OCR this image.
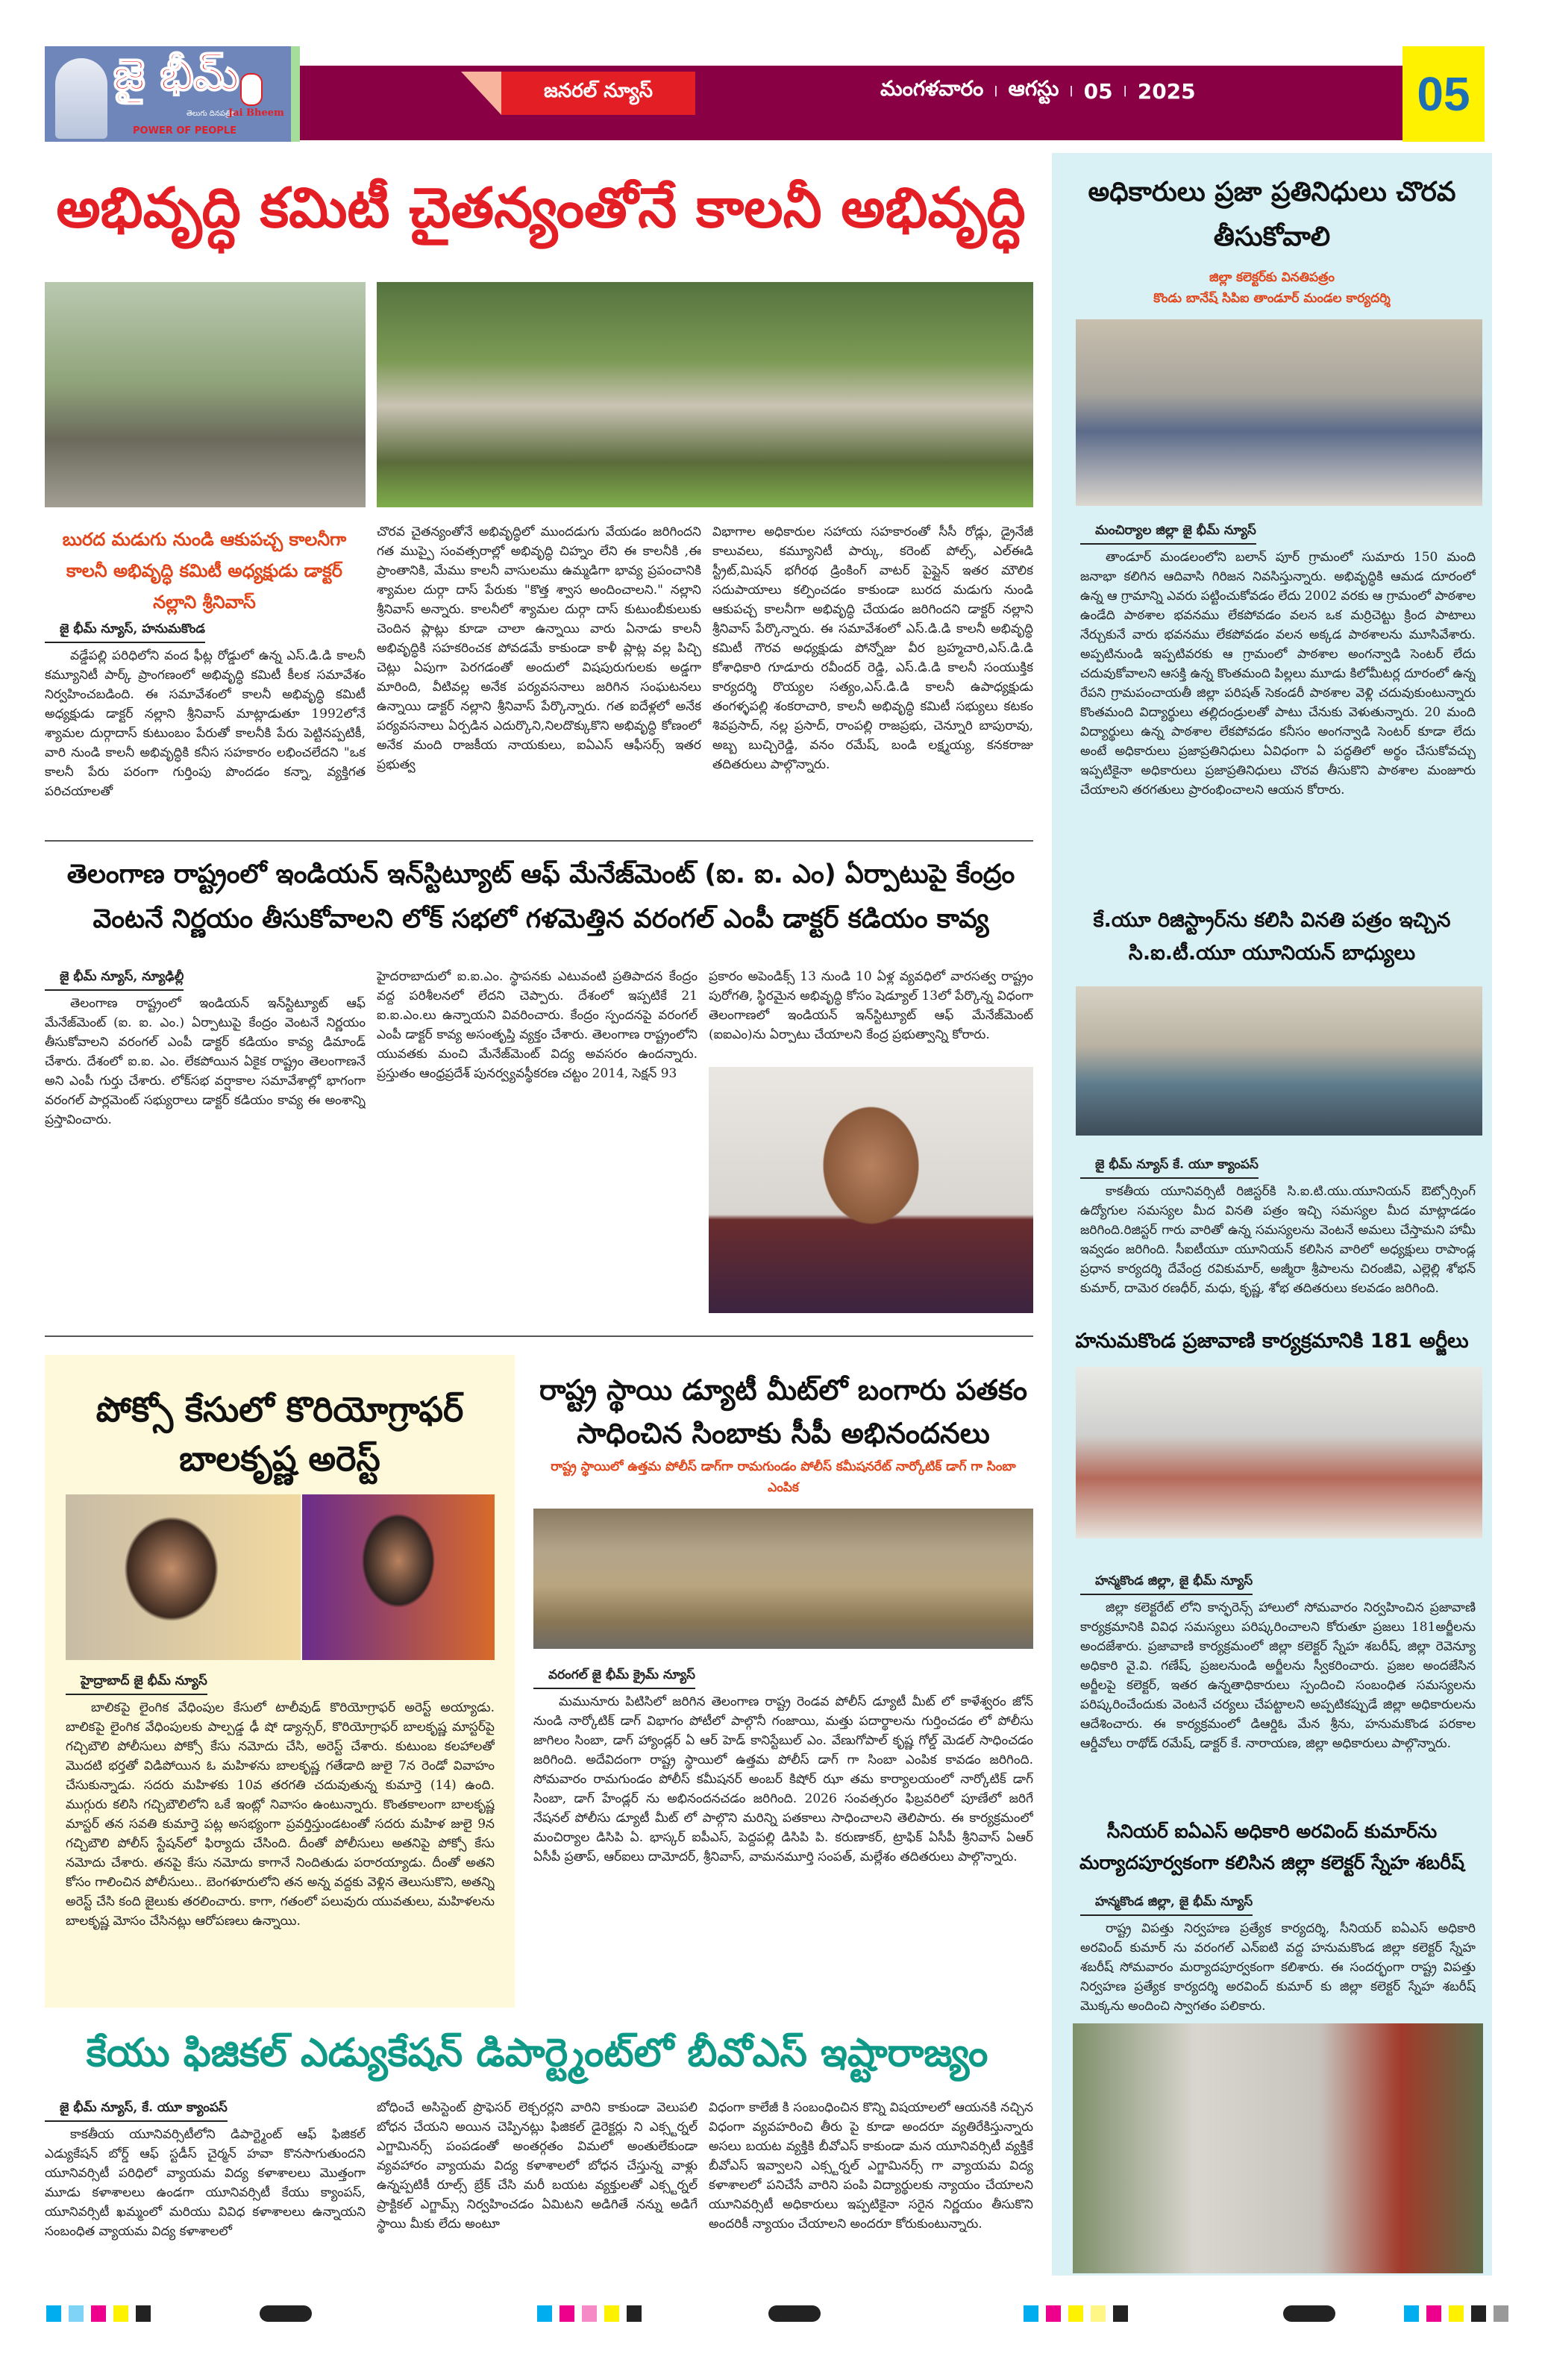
జై భీమ్
తెలుగు దినపత్రిక
POWER OF PEOPLE
Jai Bheem
జనరల్ న్యూస్	మంగళవారం | ఆగస్టు | 05 | 2025	05
అభివృద్ధి కమిటీ చైతన్యంతోనే కాలనీ అభివృద్ధి
బురద మడుగు నుండి ఆకుపచ్చ కాలనీగా కాలనీ అభివృద్ధి కమిటీ అధ్యక్షుడు డాక్టర్ నల్లాని శ్రీనివాస్
జై భీమ్ న్యూస్, హనుమకొండ

వడ్డేపల్లి పరిధిలోని వంద ఫీట్ల రోడ్డులో ఉన్న ఎస్.డి.డి కాలనీ కమ్యూనిటీ పార్క్ ప్రాంగణంలో అభివృద్ధి కమిటీ కీలక సమావేశం నిర్వహించబడింది. ఈ సమావేశంలో కాలనీ అభివృద్ధి కమిటీ అధ్యక్షుడు డాక్టర్ నల్లాని శ్రీనివాస్ మాట్లాడుతూ 1992లోనే శ్యామల దుర్గాదాస్ కుటుంబం పేరుతో కాలనీకి పేరు పెట్టినప్పటికీ, వారి నుండి కాలనీ అభివృద్ధికి కనీస సహకారం లభించలేదని "ఒక కాలనీ పేరు పరంగా గుర్తింపు పొందడం కన్నా, వ్యక్తిగత పరిచయాలతో

చొరవ చైతన్యంతోనే అభివృద్ధిలో ముందడుగు వేయడం జరిగిందని గత ముప్పై సంవత్సరాల్లో అభివృద్ధి చిహ్నం లేని ఈ కాలనీకి ,ఈ ప్రాంతానికి, మేము కాలనీ వాసులము ఉమ్మడిగా భావ్య ప్రపంచానికి శ్యామల దుర్గా దాస్ పేరుకు "కొత్త శ్వాస అందించాలని." నల్లాని శ్రీనివాస్ అన్నారు. కాలనీలో శ్యామల దుర్గా దాస్ కుటుంబీకులుకు చెందిన ప్లాట్లు కూడా చాలా ఉన్నాయి వారు ఏనాడు కాలనీ అభివృద్ధికి సహకరించక పోవడమే కాకుండా కాళీ ప్లాట్ల వల్ల పిచ్చి చెట్లు ఏపుగా పెరగడంతో అందులో విషపురుగులకు అడ్డగా మారింది, వీటివల్ల అనేక పర్యవసనాలు జరిగిన సంఘటనలు ఉన్నాయి డాక్టర్ నల్లాని శ్రీనివాస్ పేర్కొన్నారు. గత ఐదేళ్లలో అనేక పర్యవసనాలు ఏర్పడిన ఎదుర్కొని,నిలదొక్కుకొని అభివృద్ధి కోణంలో అనేక మంది రాజకీయ నాయకులు, ఐఏఎస్ ఆఫీసర్స్ ఇతర ప్రభుత్వ

విభాగాల అధికారుల సహాయ సహకారంతో సీసీ రోడ్లు, డ్రైనేజీ కాలువలు, కమ్యూనిటీ పార్కు, కరెంట్ పోల్స్, ఎల్ఈడి స్ట్రీట్,మిషన్ భగీరథ డ్రింకింగ్ వాటర్ పైప్లైన్ ఇతర మౌలిక సదుపాయాలు కల్పించడం కాకుండా బురద మడుగు నుండి ఆకుపచ్చ కాలనీగా అభివృద్ధి చేయడం జరిగిందని డాక్టర్ నల్లాని శ్రీనివాస్ పేర్కొన్నారు. ఈ సమావేశంలో ఎస్.డి.డి కాలనీ అభివృద్ధి కమిటీ గౌరవ అధ్యక్షుడు పోన్నోజు వీర బ్రహ్మచారి,ఎస్.డి.డి కోశాధికారి గూడూరు రవీందర్ రెడ్డి, ఎస్.డి.డి కాలనీ సంయుక్తిక కార్యదర్శి రొయ్యల సత్యం,ఎస్.డి.డి కాలనీ ఉపాధ్యక్షుడు తంగళ్ళపల్లి శంకరాచారి, కాలనీ అభివృద్ధి కమిటీ సభ్యులు కటకం శివప్రసాద్, నల్ల ప్రసాద్, రాంపల్లి రాజప్రభు, చెన్నూరి బాపురావు, అబ్బ బుచ్చిరెడ్డి, వనం రమేష్, బండి లక్ష్మయ్య, కనకరాజు తదితరులు పాల్గొన్నారు.

తెలంగాణ రాష్ట్రంలో ఇండియన్ ఇన్‌స్టిట్యూట్ ఆఫ్ మేనేజ్‌మెంట్ (ఐ. ఐ. ఎం) ఏర్పాటుపై కేంద్రం
వెంటనే నిర్ణయం తీసుకోవాలని లోక్ సభలో గళమెత్తిన వరంగల్ ఎంపీ డాక్టర్ కడియం కావ్య
జై భీమ్ న్యూస్, న్యూఢిల్లీ

తెలంగాణ రాష్ట్రంలో ఇండియన్ ఇన్‌స్టిట్యూట్ ఆఫ్ మేనేజ్‌మెంట్ (ఐ. ఐ. ఎం.) ఏర్పాటుపై కేంద్రం వెంటనే నిర్ణయం తీసుకోవాలని వరంగల్ ఎంపీ డాక్టర్ కడియం కావ్య డిమాండ్ చేశారు. దేశంలో ఐ.ఐ. ఎం. లేకపోయిన ఏకైక రాష్ట్రం తెలంగాణనే అని ఎంపీ గుర్తు చేశారు. లోక్‌సభ వర్షాకాల సమావేశాల్లో భాగంగా వరంగల్ పార్లమెంట్ సభ్యురాలు డాక్టర్ కడియం కావ్య ఈ అంశాన్ని ప్రస్తావించారు.

హైదరాబాదులో ఐ.ఐ.ఎం. స్థాపనకు ఎటువంటి ప్రతిపాదన కేంద్రం వద్ద పరిశీలనలో లేదని చెప్పారు. దేశంలో ఇప్పటికే 21 ఐ.ఐ.ఎం.లు ఉన్నాయని వివరించారు. కేంద్రం స్పందనపై వరంగల్ ఎంపీ డాక్టర్ కావ్య అసంతృప్తి వ్యక్తం చేశారు. తెలంగాణ రాష్ట్రంలోని యువతకు మంచి మేనేజ్‌మెంట్ విద్య అవసరం ఉందన్నారు. ప్రస్తుతం ఆంధ్రప్రదేశ్ పునర్వ్యవస్థీకరణ చట్టం 2014, సెక్షన్ 93

ప్రకారం అపెండిక్స్ 13 నుండి 10 ఏళ్ల వ్యవధిలో వారసత్వ రాష్ట్రం పురోగతి, స్థిరమైన అభివృద్ధి కోసం షెడ్యూల్ 13లో పేర్కొన్న విధంగా తెలంగాణలో ఇండియన్ ఇన్‌స్టిట్యూట్ ఆఫ్ మేనేజ్‌మెంట్ (ఐఐఎం)ను ఏర్పాటు చేయాలని కేంద్ర ప్రభుత్వాన్ని కోరారు.

పోక్సో కేసులో కొరియోగ్రాఫర్ బాలకృష్ణ అరెస్ట్
హైద్రాబాద్ జై భీమ్ న్యూస్

బాలికపై లైంగిక వేధింపుల కేసులో టాలీవుడ్ కొరియోగ్రాఫర్ అరెస్ట్ అయ్యాడు. బాలికపై లైంగిక వేధింపులకు పాల్పడ్డ ఢీ షో డ్యాన్సర్, కొరియోగ్రాఫర్ బాలకృష్ణ మాస్టర్‌పై గచ్చిబౌలి పోలీసులు పోక్సో కేసు నమోదు చేసి, అరెస్ట్ చేశారు. కుటుంబ కలహాలతో మొదటి భర్తతో విడిపోయిన ఓ మహిళను బాలకృష్ణ గతేడాది జులై 7న రెండో వివాహం చేసుకున్నాడు. సదరు మహిళకు 10వ తరగతి చదువుతున్న కుమార్తె (14) ఉంది. ముగ్గురు కలిసి గచ్చిబౌలిలోని ఒకే ఇంట్లో నివాసం ఉంటున్నారు. కొంతకాలంగా బాలకృష్ణ మాస్టర్ తన సవతి కుమార్తె పట్ల అసభ్యంగా ప్రవర్తిస్తుండటంతో సదరు మహిళ జులై 9న గచ్చిబౌలి పోలీస్ స్టేషన్‌లో ఫిర్యాదు చేసింది. దీంతో పోలీసులు అతనిపై పోక్సో కేసు నమోదు చేశారు. తనపై కేసు నమోదు కాగానే నిందితుడు పరారయ్యాడు. దీంతో అతని కోసం గాలించిన పోలీసులు.. బెంగళూరులోని తన అన్న వద్దకు వెళ్లిన తెలుసుకొని, అతన్ని అరెస్ట్ చేసి కంది జైలుకు తరలించారు. కాగా, గతంలో పలువురు యువతులు, మహిళలను బాలకృష్ణ మోసం చేసినట్లు ఆరోపణలు ఉన్నాయి.

రాష్ట్ర స్థాయి డ్యూటీ మీట్‌లో బంగారు పతకం సాధించిన సింబాకు సీపీ అభినందనలు
రాష్ట్ర స్థాయిలో ఉత్తమ పోలీస్ డాగ్‌గా రామగుండం పోలీస్ కమీషనరేట్ నార్కోటిక్ డాగ్ గా సింబా ఎంపిక
వరంగల్ జై భీమ్ క్రైమ్ న్యూస్

మమునూరు పిటిసిలో జరిగిన తెలంగాణ రాష్ట్ర రెండవ పోలీస్ డ్యూటీ మీట్ లో కాళేశ్వరం జోన్ నుండి నార్కోటిక్ డాగ్ విభాగం పోటీలో పాల్గొనీ గంజాయి, మత్తు పదార్థాలను గుర్తించడం లో పోలీసు జాగిలం సింబా, డాగ్ హ్యాండ్లర్ ఏ ఆర్ హెడ్ కానిస్టేబుల్ ఎం. వేణుగోపాల్ కృష్ణ గోల్డ్ మెడల్ సాధించడం జరిగింది. అదేవిదంగా రాష్ట్ర స్థాయిలో ఉత్తమ పోలీస్ డాగ్ గా సింబా ఎంపిక కావడం జరిగింది. సోమవారం రామగుండం పోలీస్ కమీషనర్ అంబర్ కిషోర్ ఝా తమ కార్యాలయంలో నార్కోటిక్ డాగ్ సింబా, డాగ్ హేండ్లర్ ను అభినందనచడం జరిగింది. 2026 సంవత్సరం ఫిబ్రవరిలో పూణేలో జరిగే నేషనల్ పోలీసు డ్యూటీ మీట్ లో పాల్గొని మరిన్ని పతకాలు సాధించాలని తెలిపారు. ఈ కార్యక్రమంలో మంచిర్యాల డిసిపి ఏ. భాస్కర్ ఐపీఎస్, పెద్దపల్లి డిసిపి పి. కరుణాకర్, ట్రాఫిక్ ఏసీపీ శ్రీనివాస్ ఏఆర్ ఏసీపీ ప్రతాప్, ఆర్ఐలు దామోదర్, శ్రీనివాస్, వామనమూర్తి సంపత్, మల్లేశం తదితరులు పాల్గొన్నారు.

కేయు ఫిజికల్ ఎడ్యుకేషన్ డిపార్ట్మెంట్‌లో బీవోఎస్ ఇష్టారాజ్యం
జై భీమ్ న్యూస్, కే. యూ క్యాంపస్

కాకతీయ యూనివర్సిటీలోని డిపార్ట్మెంట్ ఆఫ్ ఫిజికల్ ఎడ్యుకేషన్ బోర్డ్ ఆఫ్ స్టడీస్ చైర్మన్ హవా కొనసాగుతుందని యూనివర్సిటీ పరిధిలో వ్యాయమ విద్య కళాశాలలు మొత్తంగా మూడు కళాశాలలు ఉండగా యూనివర్సిటీ కేయు క్యాంపస్, యూనివర్సిటీ ఖమ్మంలో మరియు వివిధ కళాశాలలు ఉన్నాయని సంబంధిత వ్యాయమ విద్య కళాశాలలో

బోధించే అసిస్టెంట్ ప్రొఫెసర్ లెక్చరర్లని వారిని కాకుండా వెలుపలి బోధన చేయని అయిన చెప్పినట్లు ఫిజికల్ డైరెక్టర్లు ని ఎక్స్టర్నల్ ఎగ్జామినర్స్ పంపడంతో అంతర్గతం విమలో అంతులేకుండా వ్యవహారం వ్యాయమ విద్య కళాశాలలో బోధన చేస్తున్న వాళ్లు ఉన్నప్పటికీ రూల్స్ బ్రేక్ చేసి మరీ బయట వ్యక్తులతో ఎక్స్టర్నల్ ప్రాక్టికల్ ఎగ్జామ్స్ నిర్వహించడం ఏమిటని అడిగితే నన్ను అడిగే స్థాయి మీకు లేదు అంటూ

విధంగా కాలేజీ కి సంబంధించిన కొన్ని విషయాలలో ఆయనకి నచ్చిన విధంగా వ్యవహరించి తీరు పై కూడా అందరూ వ్యతిరేకిస్తున్నారు అసలు బయట వ్యక్తికి బీవోఎస్ కాకుండా మన యూనివర్సిటీ వ్యక్తికే బీవోఎస్ ఇవ్వాలని ఎక్స్టర్నల్ ఎగ్జామినర్స్ గా వ్యాయమ విద్య కళాశాలలో పనిచేసే వారిని పంపి విద్యార్థులకు న్యాయం చేయాలని యూనివర్సిటీ అధికారులు ఇప్పటికైనా సరైన నిర్ణయం తీసుకొని అందరికీ న్యాయం చేయాలని అందరూ కోరుకుంటున్నారు.

అధికారులు ప్రజా ప్రతినిధులు చొరవ తీసుకోవాలి
జిల్లా కలెక్టర్‌కు వినతిపత్రం
కొండు బానేష్ సిపిఐ తాండూర్ మండల కార్యదర్శి
మంచిర్యాల జిల్లా జై భీమ్ న్యూస్

తాండూర్ మండలంలోని బలాన్ పూర్ గ్రామంలో సుమారు 150 మంది జనాభా కలిగిన ఆదివాసి గిరిజన నివసిస్తున్నారు. అభివృద్ధికి ఆమడ దూరంలో ఉన్న ఆ గ్రామాన్ని ఎవరు పట్టించుకోవడం లేదు 2002 వరకు ఆ గ్రామంలో పాఠశాల ఉండేది పాఠశాల భవనము లేకపోవడం వలన ఒక మర్రిచెట్టు క్రింద పాటాలు నేర్చుకునే వారు భవనము లేకపోవడం వలన అక్కడ పాఠశాలను మూసివేశారు. అప్పటినుండి ఇప్పటివరకు ఆ గ్రామంలో పాఠశాల అంగన్వాడి సెంటర్ లేదు చదువుకోవాలని ఆసక్తి ఉన్న కొంతమంది పిల్లలు మూడు కిలోమీటర్ల దూరంలో ఉన్న రేపని గ్రామపంచాయతీ జిల్లా పరిషత్ సెకండరీ పాఠశాల వెళ్లి చదువుకుంటున్నారు కొంతమంది విద్యార్థులు తల్లిదండ్రులతో పాటు చేనుకు వెళుతున్నారు. 20 మంది విద్యార్థులు ఉన్న పాఠశాల లేకపోవడం కనీసం అంగన్వాడి సెంటర్ కూడా లేదు అంటే అధికారులు ప్రజాప్రతినిధులు ఏవిధంగా ఏ పద్ధతిలో అర్థం చేసుకోవచ్చు ఇప్పటికైనా అధికారులు ప్రజాప్రతినిధులు చొరవ తీసుకొని పాఠశాల మంజూరు చేయాలని తరగతులు ప్రారంభించాలని ఆయన కోరారు.

కే.యూ రిజిస్ట్రార్‌ను కలిసి వినతి పత్రం ఇచ్చిన సి.ఐ.టీ.యూ యూనియన్ బాధ్యులు
జై భీమ్ న్యూస్ కే. యూ క్యాంపస్

కాకతీయ యూనివర్సిటీ రిజిస్టర్‌కి సి.ఐ.టి.యు.యూనియన్ ఔట్సోర్సింగ్ ఉద్యోగుల సమస్యల మీద వినతి పత్రం ఇచ్చి సమస్యల మీద మాట్లాడడం జరిగింది.రిజిస్టర్ గారు వారితో ఉన్న సమస్యలను వెంటనే అమలు చేస్తామని హామీ ఇవ్వడం జరిగింది. సీఐటీయూ యూనియన్ కలిసిన వారిలో అధ్యక్షులు రాపాండ్ల ప్రధాన కార్యదర్శి దేవేంద్ర రవికుమార్, అజ్మీరా శ్రీపాలను చిరంజీవి, ఎల్లెల్లి శోభన్ కుమార్, దామెర రణధీర్, మధు, కృష్ణ, శోభ తదితరులు కలవడం జరిగింది.

హనుమకొండ ప్రజావాణి కార్యక్రమానికి 181 అర్జీలు
హన్మకొండ జిల్లా, జై భీమ్ న్యూస్

జిల్లా కలెక్టరేట్ లోని కాన్ఫరెన్స్ హాలులో సోమవారం నిర్వహించిన ప్రజావాణి కార్యక్రమానికి వివిధ సమస్యలు పరిష్కరించాలని కోరుతూ ప్రజలు 181అర్జీలను అందజేశారు. ప్రజావాణి కార్యక్రమంలో జిల్లా కలెక్టర్ స్నేహ శబరీష్, జిల్లా రెవెన్యూ అధికారి వై.వి. గణేష్, ప్రజలనుండి అర్జీలను స్వీకరించారు. ప్రజల అందజేసిన అర్జీలపై కలెక్టర్, ఇతర ఉన్నతాధికారులు స్పందించి సంబంధిత సమస్యలను పరిష్కరించేందుకు వెంటనే చర్యలు చేపట్టాలని అప్పటికప్పుడే జిల్లా అధికారులను ఆదేశించారు. ఈ కార్యక్రమంలో డిఆర్డిఓ మేన శ్రీను, హనుమకొండ పరకాల ఆర్డీవోలు రాథోడ్ రమేష్, డాక్టర్ కే. నారాయణ, జిల్లా అధికారులు పాల్గొన్నారు.

సీనియర్ ఐఏఎస్ అధికారి అరవింద్ కుమార్‌ను మర్యాదపూర్వకంగా కలిసిన జిల్లా కలెక్టర్ స్నేహ శబరీష్
హన్మకొండ జిల్లా, జై భీమ్ న్యూస్

రాష్ట్ర విపత్తు నిర్వహణ ప్రత్యేక కార్యదర్శి, సీనియర్ ఐఏఎస్ అధికారి అరవింద్ కుమార్ ను వరంగల్ ఎన్ఐటి వద్ద హనుమకొండ జిల్లా కలెక్టర్ స్నేహ శబరీష్ సోమవారం మర్యాదపూర్వకంగా కలిశారు. ఈ సందర్భంగా రాష్ట్ర విపత్తు నిర్వహణ ప్రత్యేక కార్యదర్శి అరవింద్ కుమార్ కు జిల్లా కలెక్టర్ స్నేహ శబరీష్ మొక్కను అందించి స్వాగతం పలికారు.
